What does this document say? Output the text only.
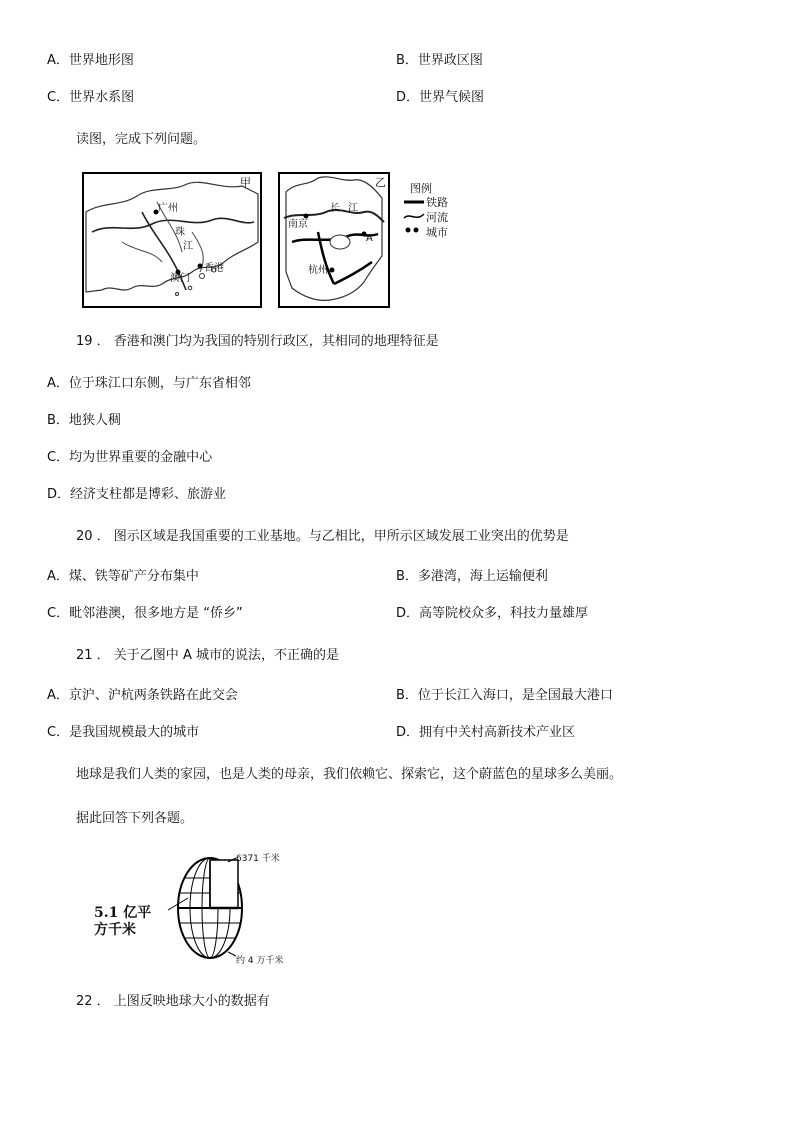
A．世界地形图	B．世界政区图
C．世界水系图	D．世界气候图
读图，完成下列问题。
甲
广州
珠
江
澳门
香港
乙
长 江
南京
A
杭州
图例
铁路
河流
城市
19 ． 香港和澳门均为我国的特别行政区，其相同的地理特征是
A．位于珠江口东侧，与广东省相邻
B．地狭人稠
C．均为世界重要的金融中心
D．经济支柱都是博彩、旅游业
20 ． 图示区域是我国重要的工业基地。与乙相比，甲所示区域发展工业突出的优势是
A．煤、铁等矿产分布集中	B．多港湾，海上运输便利
C．毗邻港澳，很多地方是 “侨乡”	D．高等院校众多，科技力量雄厚
21 ． 关于乙图中 A 城市的说法，不正确的是
A．京沪、沪杭两条铁路在此交会	B．位于长江入海口，是全国最大港口
C．是我国规模最大的城市	D．拥有中关村高新技术产业区
地球是我们人类的家园，也是人类的母亲，我们依赖它、探索它，这个蔚蓝色的星球多么美丽。
据此回答下列各题。
5.1 亿平
方千米
6371 千米
约 4 万千米
22 ． 上图反映地球大小的数据有
